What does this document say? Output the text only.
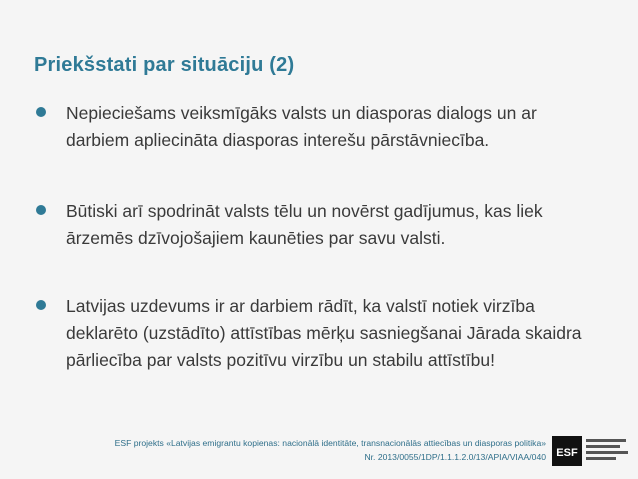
Priekšstati par situāciju (2)
Nepieciešams veiksmīgāks valsts un diasporas dialogs un ar darbiem apliecināta diasporas interešu pārstāvniecība.
Būtiski arī spodrināt valsts tēlu un novērst gadījumus, kas liek ārzemēs dzīvojošajiem kaunēties par savu valsti.
Latvijas uzdevums ir ar darbiem rādīt, ka valstī notiek virzība deklarēto (uzstādīto) attīstības mērķu sasniegšanai Jārada skaidra pārliecība par valsts pozitīvu virzību un stabilu attīstību!
ESF projekts «Latvijas emigrantu kopienas: nacionālā identitāte, transnacionālās attiecības un diasporas politika»
Nr. 2013/0055/1DP/1.1.1.2.0/13/APIA/VIAA/040 ESF
